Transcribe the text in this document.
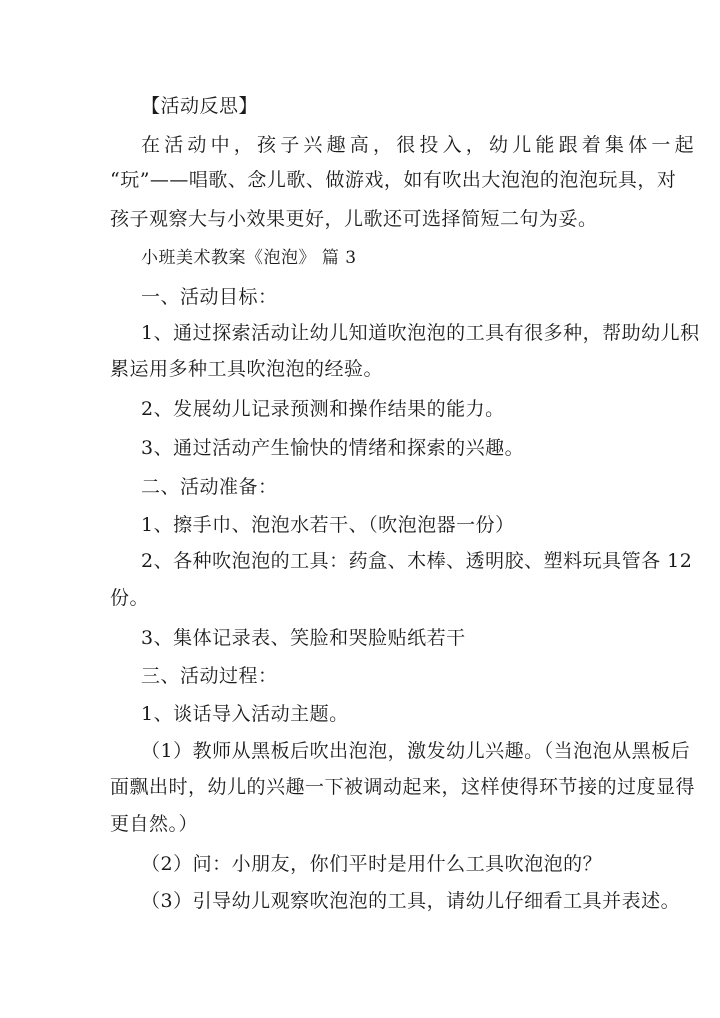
【活动反思】
在活动中，孩子兴趣高，很投入，幼儿能跟着集体一起
“玩”——唱歌、念儿歌、做游戏，如有吹出大泡泡的泡泡玩具，对
孩子观察大与小效果更好，儿歌还可选择简短二句为妥。
小班美术教案《泡泡》 篇 3
一、活动目标：
1、通过探索活动让幼儿知道吹泡泡的工具有很多种，帮助幼儿积
累运用多种工具吹泡泡的经验。
2、发展幼儿记录预测和操作结果的能力。
3、通过活动产生愉快的情绪和探索的兴趣。
二、活动准备：
1、擦手巾、泡泡水若干、（吹泡泡器一份）
2、各种吹泡泡的工具：药盒、木棒、透明胶、塑料玩具管各 12
份。
3、集体记录表、笑脸和哭脸贴纸若干
三、活动过程：
1、谈话导入活动主题。
（1）教师从黑板后吹出泡泡，激发幼儿兴趣。（当泡泡从黑板后
面飘出时，幼儿的兴趣一下被调动起来，这样使得环节接的过度显得
更自然。）
（2）问：小朋友，你们平时是用什么工具吹泡泡的？
（3）引导幼儿观察吹泡泡的工具，请幼儿仔细看工具并表述。
